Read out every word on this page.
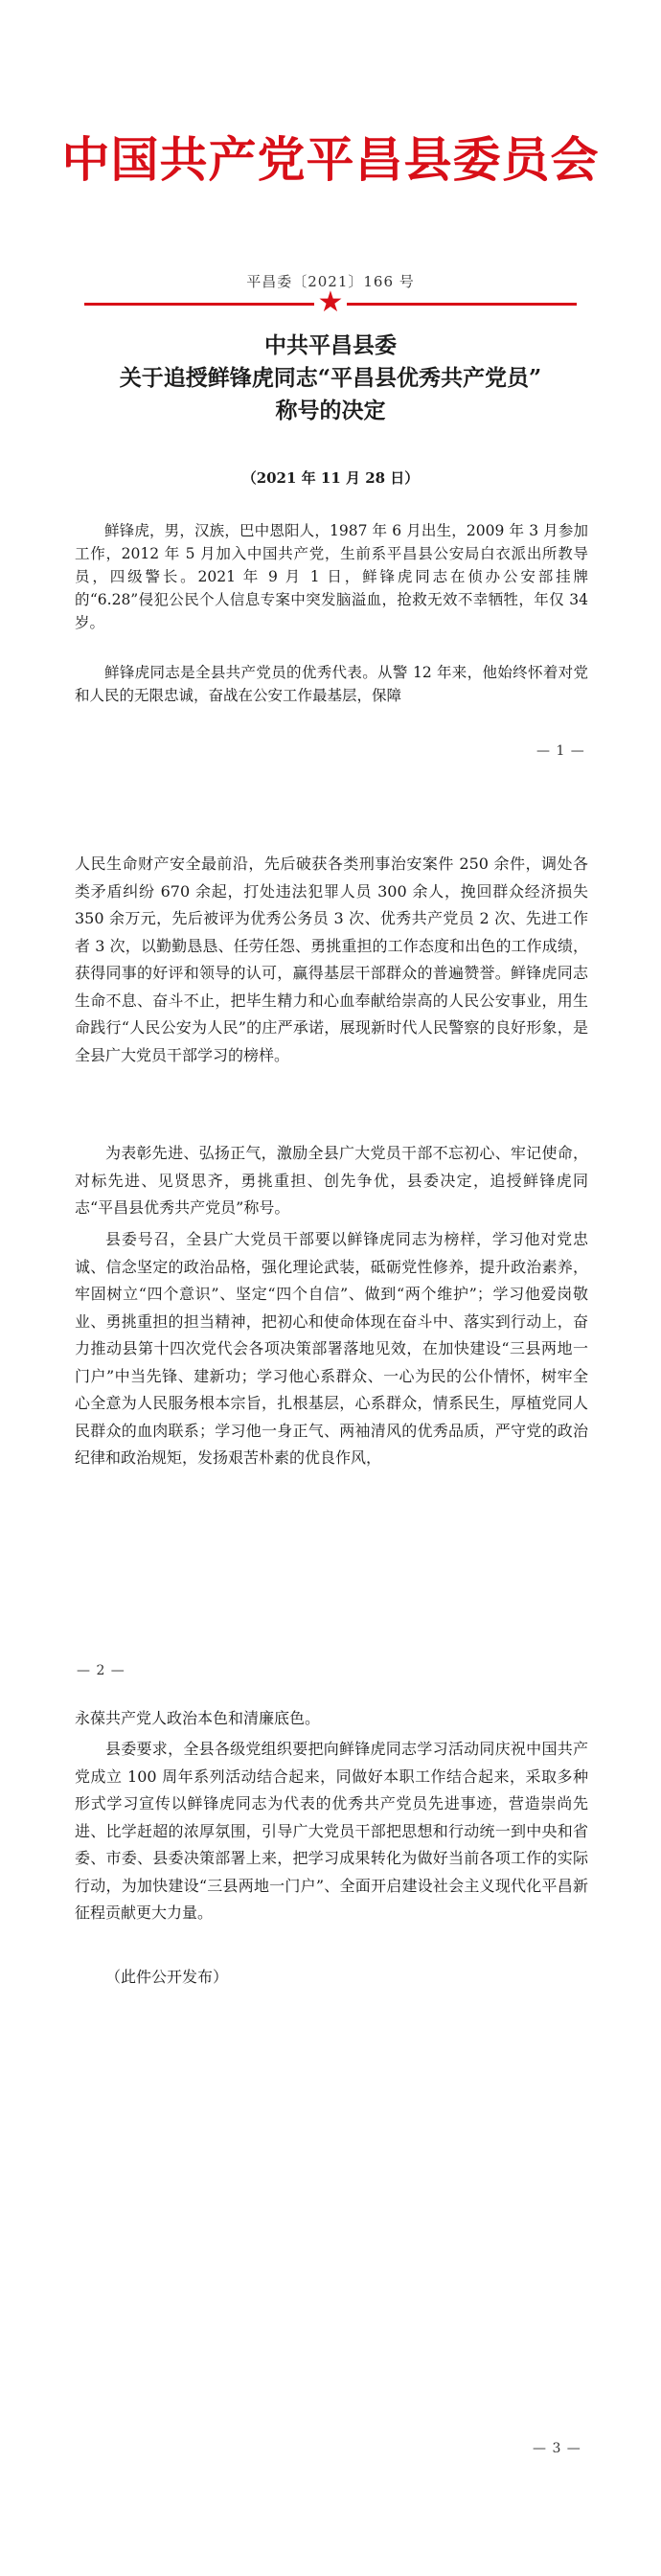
中国共产党平昌县委员会
平昌委〔2021〕166 号
★
中共平昌县委
关于追授鲜锋虎同志“平昌县优秀共产党员”
称号的决定
（2021 年 11 月 28 日）

鲜锋虎，男，汉族，巴中恩阳人，1987 年 6 月出生，2009 年 3 月参加工作，2012 年 5 月加入中国共产党，生前系平昌县公安局白衣派出所教导员，四级警长。2021 年 9 月 1 日，鲜锋虎同志在侦办公安部挂牌的“6.28”侵犯公民个人信息专案中突发脑溢血，抢救无效不幸牺牲，年仅 34 岁。

鲜锋虎同志是全县共产党员的优秀代表。从警 12 年来，他始终怀着对党和人民的无限忠诚，奋战在公安工作最基层，保障

— 1 —

人民生命财产安全最前沿，先后破获各类刑事治安案件 250 余件，调处各类矛盾纠纷 670 余起，打处违法犯罪人员 300 余人，挽回群众经济损失 350 余万元，先后被评为优秀公务员 3 次、优秀共产党员 2 次、先进工作者 3 次，以勤勤恳恳、任劳任怨、勇挑重担的工作态度和出色的工作成绩，获得同事的好评和领导的认可，赢得基层干部群众的普遍赞誉。鲜锋虎同志生命不息、奋斗不止，把毕生精力和心血奉献给崇高的人民公安事业，用生命践行“人民公安为人民”的庄严承诺，展现新时代人民警察的良好形象，是全县广大党员干部学习的榜样。

为表彰先进、弘扬正气，激励全县广大党员干部不忘初心、牢记使命，对标先进、见贤思齐，勇挑重担、创先争优，县委决定，追授鲜锋虎同志“平昌县优秀共产党员”称号。

县委号召，全县广大党员干部要以鲜锋虎同志为榜样，学习他对党忠诚、信念坚定的政治品格，强化理论武装，砥砺党性修养，提升政治素养，牢固树立“四个意识”、坚定“四个自信”、做到“两个维护”；学习他爱岗敬业、勇挑重担的担当精神，把初心和使命体现在奋斗中、落实到行动上，奋力推动县第十四次党代会各项决策部署落地见效，在加快建设“三县两地一门户”中当先锋、建新功；学习他心系群众、一心为民的公仆情怀，树牢全心全意为人民服务根本宗旨，扎根基层，心系群众，情系民生，厚植党同人民群众的血肉联系；学习他一身正气、两袖清风的优秀品质，严守党的政治纪律和政治规矩，发扬艰苦朴素的优良作风，

— 2 —

永葆共产党人政治本色和清廉底色。

县委要求，全县各级党组织要把向鲜锋虎同志学习活动同庆祝中国共产党成立 100 周年系列活动结合起来，同做好本职工作结合起来，采取多种形式学习宣传以鲜锋虎同志为代表的优秀共产党员先进事迹，营造崇尚先进、比学赶超的浓厚氛围，引导广大党员干部把思想和行动统一到中央和省委、市委、县委决策部署上来，把学习成果转化为做好当前各项工作的实际行动，为加快建设“三县两地一门户”、全面开启建设社会主义现代化平昌新征程贡献更大力量。

（此件公开发布）
— 3 —
